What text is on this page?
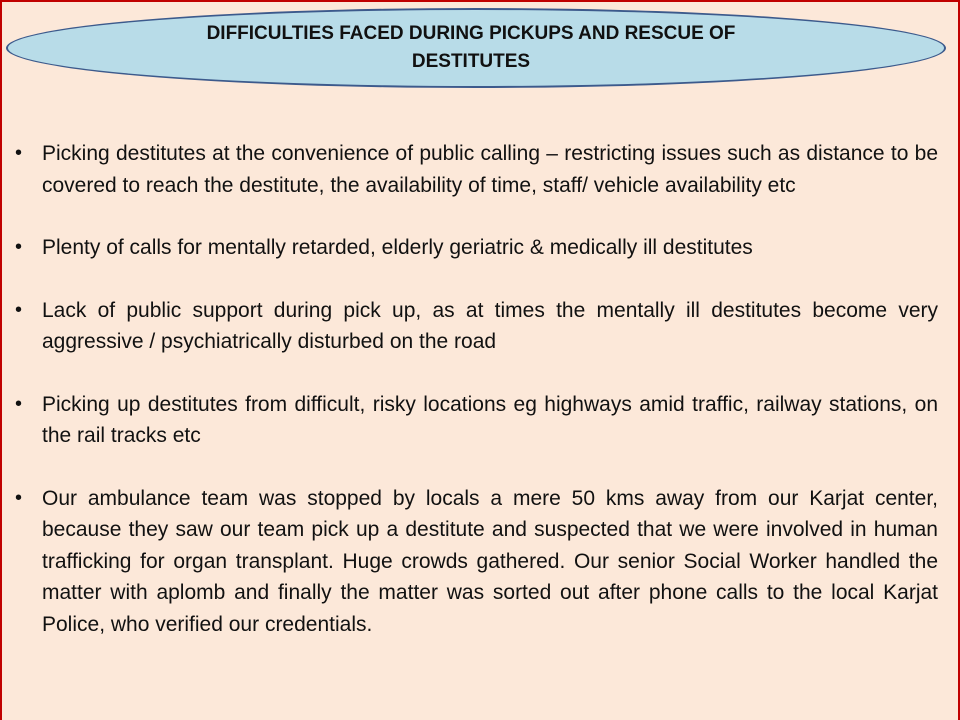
DIFFICULTIES FACED DURING PICKUPS AND RESCUE OF DESTITUTES
• Picking destitutes at the convenience of public calling – restricting issues such as distance to be covered to reach the destitute, the availability of time, staff/ vehicle availability etc
• Plenty of calls for mentally retarded, elderly geriatric & medically ill destitutes
• Lack of public support during pick up, as at times the mentally ill destitutes become very aggressive / psychiatrically disturbed on the road
• Picking up destitutes from difficult, risky locations eg highways amid traffic, railway stations, on the rail tracks etc
• Our ambulance team was stopped by locals a mere 50 kms away from our Karjat center, because they saw our team pick up a destitute and suspected that we were involved in human trafficking for organ transplant. Huge crowds gathered. Our senior Social Worker handled the matter with aplomb and finally the matter was sorted out after phone calls to the local Karjat Police, who verified our credentials.
